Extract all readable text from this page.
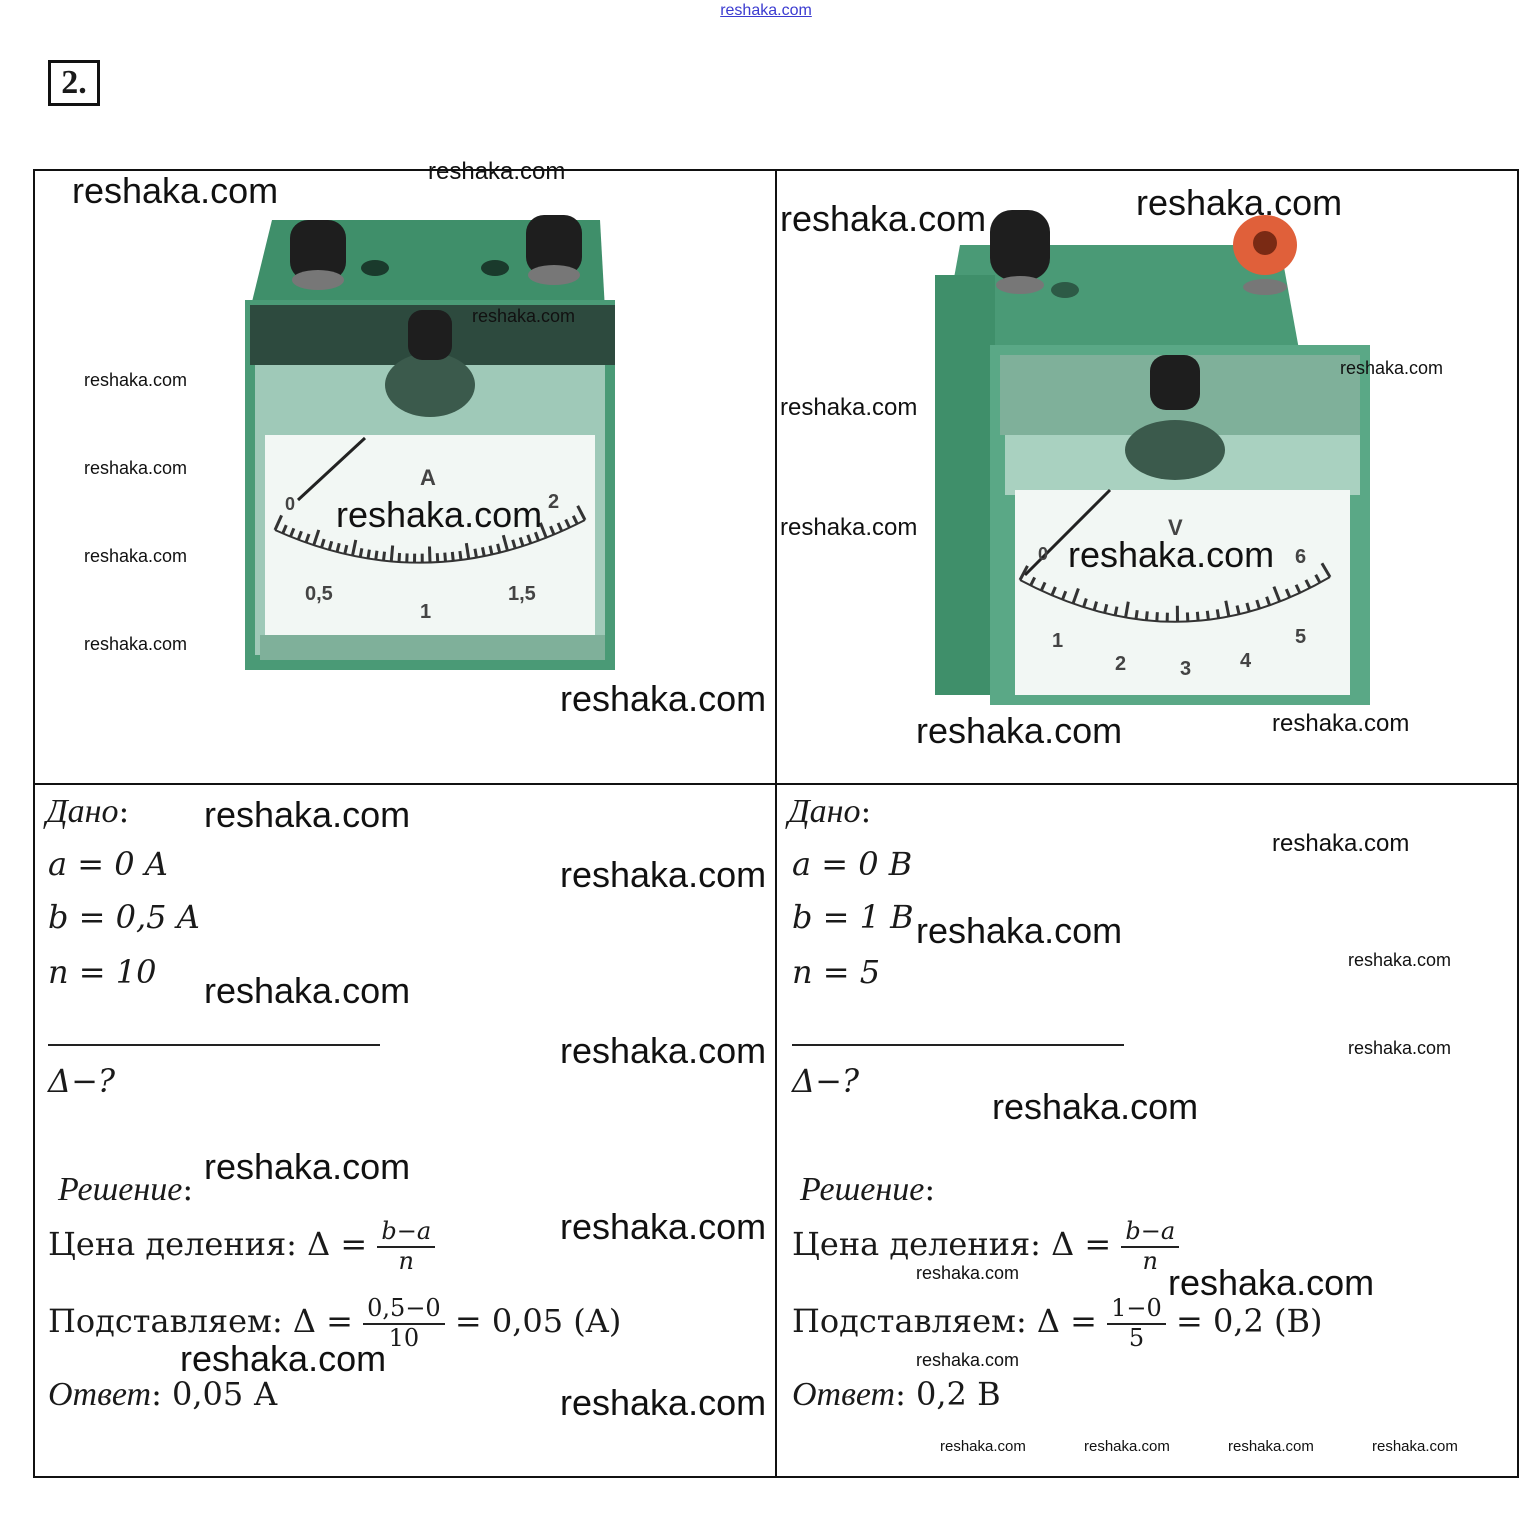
reshaka.com
2.
A
0
0,5
1
1,5
2
V
0
1
2	3 4
5
6
Дано:
a = 0 A
b = 0,5 A
n = 10
Δ−?
Решение:
Цена деления: $\Delta = \frac{b-a}{n}$
Подставляем: $\Delta = \frac{0,5-0}{10} = 0,05$ (A)
Ответ: 0,05 А
Дано:
a = 0 B
b = 1 B
n = 5
Δ−?
Решение:
Цена деления: $\Delta = \frac{b-a}{n}$
Подставляем: $\Delta = \frac{1-0}{5} = 0,2$ (B)
Ответ: 0,2 В
reshaka.com	reshaka.com
reshaka.com
reshaka.com
reshaka.com
reshaka.com
reshaka.com
reshaka.com
reshaka.com
reshaka.com	reshaka.com
reshaka.com
reshaka.com
reshaka.com
reshaka.com
reshaka.com	reshaka.com
reshaka.com
reshaka.com
reshaka.com
reshaka.com
reshaka.com
reshaka.com
reshaka.com
reshaka.com
reshaka.com
reshaka.com
reshaka.com
reshaka.com
reshaka.com
reshaka.com
reshaka.com
reshaka.com
reshaka.com	reshaka.com	reshaka.com	reshaka.com
